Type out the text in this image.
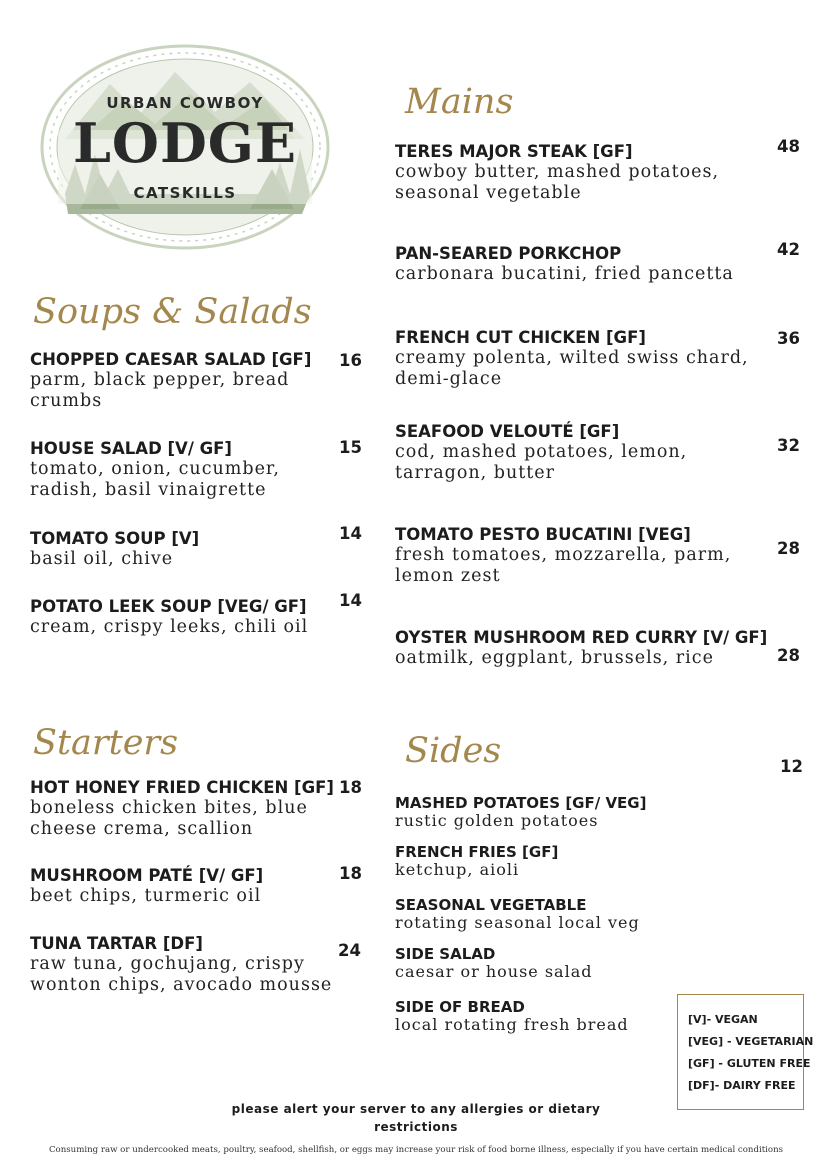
URBAN COWBOY
LODGE
CATSKILLS
Soups & Salads
CHOPPED CAESAR SALAD [GF]
parm, black pepper, bread crumbs
16
HOUSE SALAD [V/ GF]
tomato, onion, cucumber, radish, basil vinaigrette
15
TOMATO SOUP [V]
basil oil, chive
14
POTATO LEEK SOUP [VEG/ GF]
cream, crispy leeks, chili oil
14
Starters
HOT HONEY FRIED CHICKEN [GF]
boneless chicken bites, blue cheese crema, scallion
18
MUSHROOM PATÉ [V/ GF]
beet chips, turmeric oil
18
TUNA TARTAR [DF]
raw tuna, gochujang, crispy wonton chips, avocado mousse
24
Mains
TERES MAJOR STEAK [GF]
cowboy butter, mashed potatoes, seasonal vegetable
48
PAN-SEARED PORKCHOP
carbonara bucatini, fried pancetta
42
FRENCH CUT CHICKEN [GF]
creamy polenta, wilted swiss chard, demi-glace
36
SEAFOOD VELOUTÉ [GF]
cod, mashed potatoes, lemon, tarragon, butter
32
TOMATO PESTO BUCATINI [VEG]
fresh tomatoes, mozzarella, parm, lemon zest
28
OYSTER MUSHROOM RED CURRY [V/ GF]
oatmilk, eggplant, brussels, rice	28
Sides	12
MASHED POTATOES [GF/ VEG]
rustic golden potatoes
FRENCH FRIES [GF]
ketchup, aioli
SEASONAL VEGETABLE
rotating seasonal local veg
SIDE SALAD
caesar or house salad
SIDE OF BREAD
local rotating fresh bread	[V]- VEGAN
[VEG] - VEGETARIAN
[GF] - GLUTEN FREE
[DF]- DAIRY FREE
please alert your server to any allergies or dietary restrictions
Consuming raw or undercooked meats, poultry, seafood, shellfish, or eggs may increase your risk of food borne illness, especially if you have certain medical conditions
